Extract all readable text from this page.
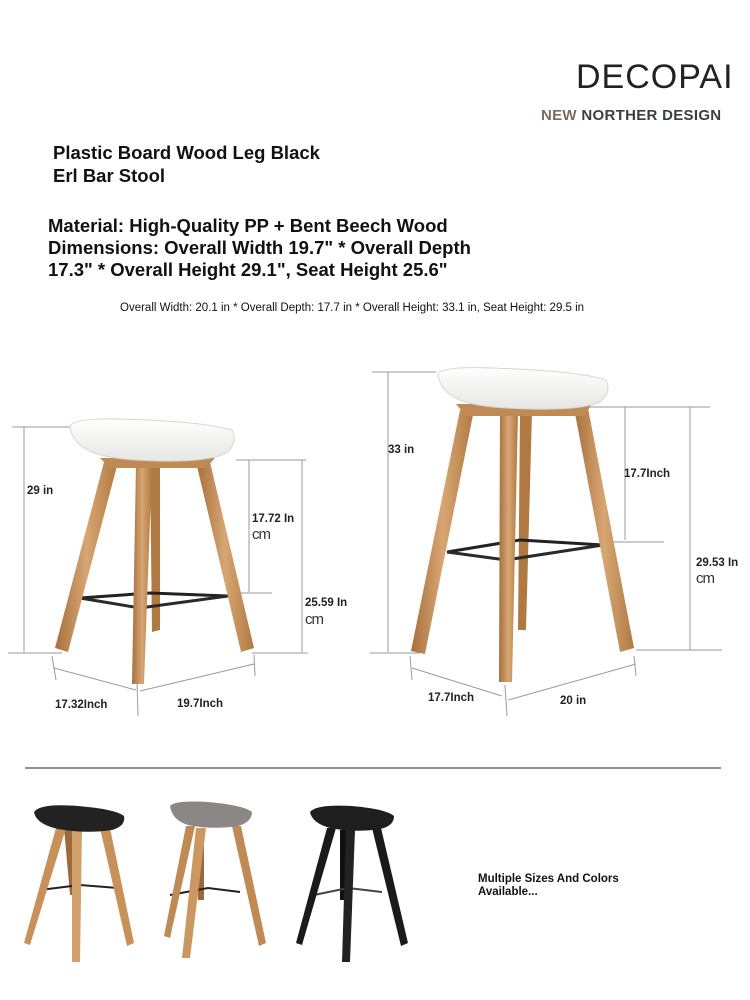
DECOPAI
NEW NORTHER DESIGN
Plastic Board Wood Leg Black
Erl Bar Stool
Material: High-Quality PP + Bent Beech Wood
Dimensions: Overall Width 19.7" * Overall Depth
17.3" * Overall Height 29.1", Seat Height 25.6"
Overall Width: 20.1 in * Overall Depth: 17.7 in * Overall Height: 33.1 in, Seat Height: 29.5 in
29 in
17.72 In
cm
25.59 In
cm
17.32Inch	19.7Inch
33 in
17.7Inch
29.53 In
cm
17.7Inch	20 in
Multiple Sizes And Colors
Available...
